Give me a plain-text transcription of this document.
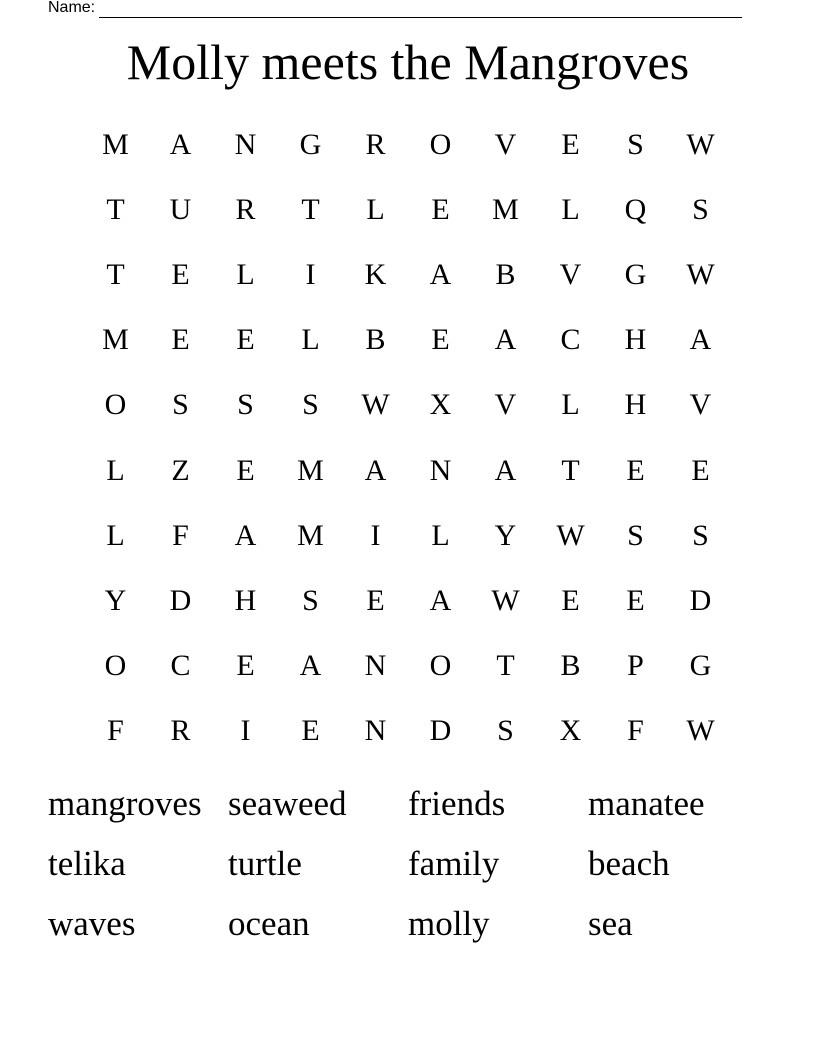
Name:
Molly meets the Mangroves
M	A	N	G	R	O	V	E	S	W
T	U	R	T	L	E	M	L	Q	S
T	E	L	I	K	A	B	V	G	W
M	E	E	L	B	E	A	C	H	A
O	S	S	S	W	X	V	L	H	V
L	Z	E	M	A	N	A	T	E	E
L	F	A	M	I	L	Y	W	S	S
Y	D	H	S	E	A	W	E	E	D
O	C	E	A	N	O	T	B	P	G
F	R	I	E	N	D	S	X	F	W
mangroves seaweed	friends	manatee
telika	turtle	family	beach
waves	ocean	molly	sea
